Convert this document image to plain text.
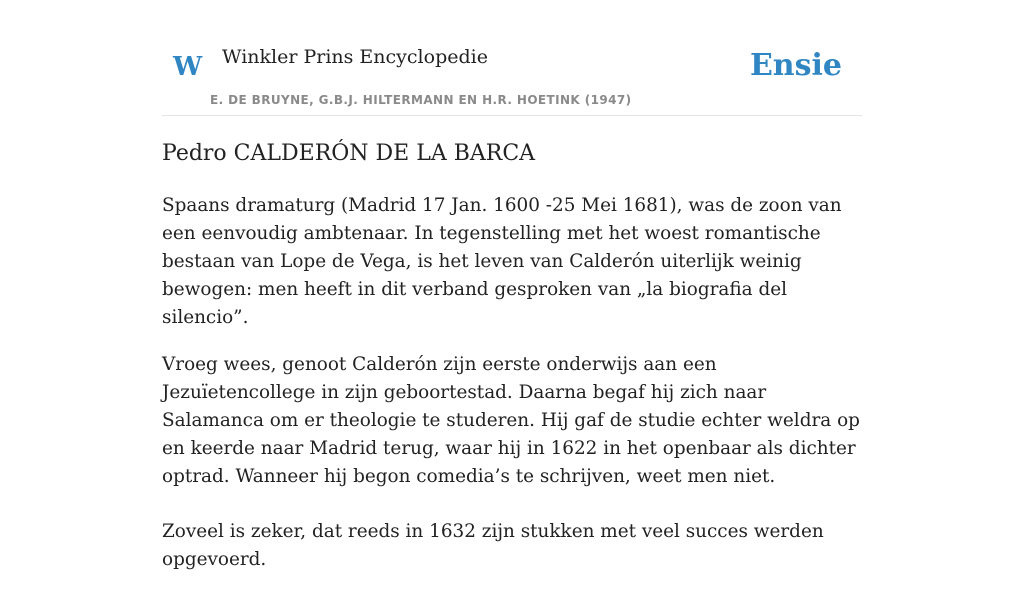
W Winkler Prins Encyclopedie
E. DE BRUYNE, G.B.J. HILTERMANN EN H.R. HOETINK (1947)
Ensie
Pedro CALDERÓN DE LA BARCA

Spaans dramaturg (Madrid 17 Jan. 1600 -25 Mei 1681), was de zoon van een eenvoudig ambtenaar. In tegenstelling met het woest romantische bestaan van Lope de Vega, is het leven van Calderón uiterlijk weinig bewogen: men heeft in dit verband gesproken van „la biografia del silencio”.

Vroeg wees, genoot Calderón zijn eerste onderwijs aan een Jezuïetencollege in zijn geboortestad. Daarna begaf hij zich naar Salamanca om er theologie te studeren. Hij gaf de studie echter weldra op en keerde naar Madrid terug, waar hij in 1622 in het openbaar als dichter optrad. Wanneer hij begon comedia’s te schrijven, weet men niet.

Zoveel is zeker, dat reeds in 1632 zijn stukken met veel succes werden opgevoerd.
